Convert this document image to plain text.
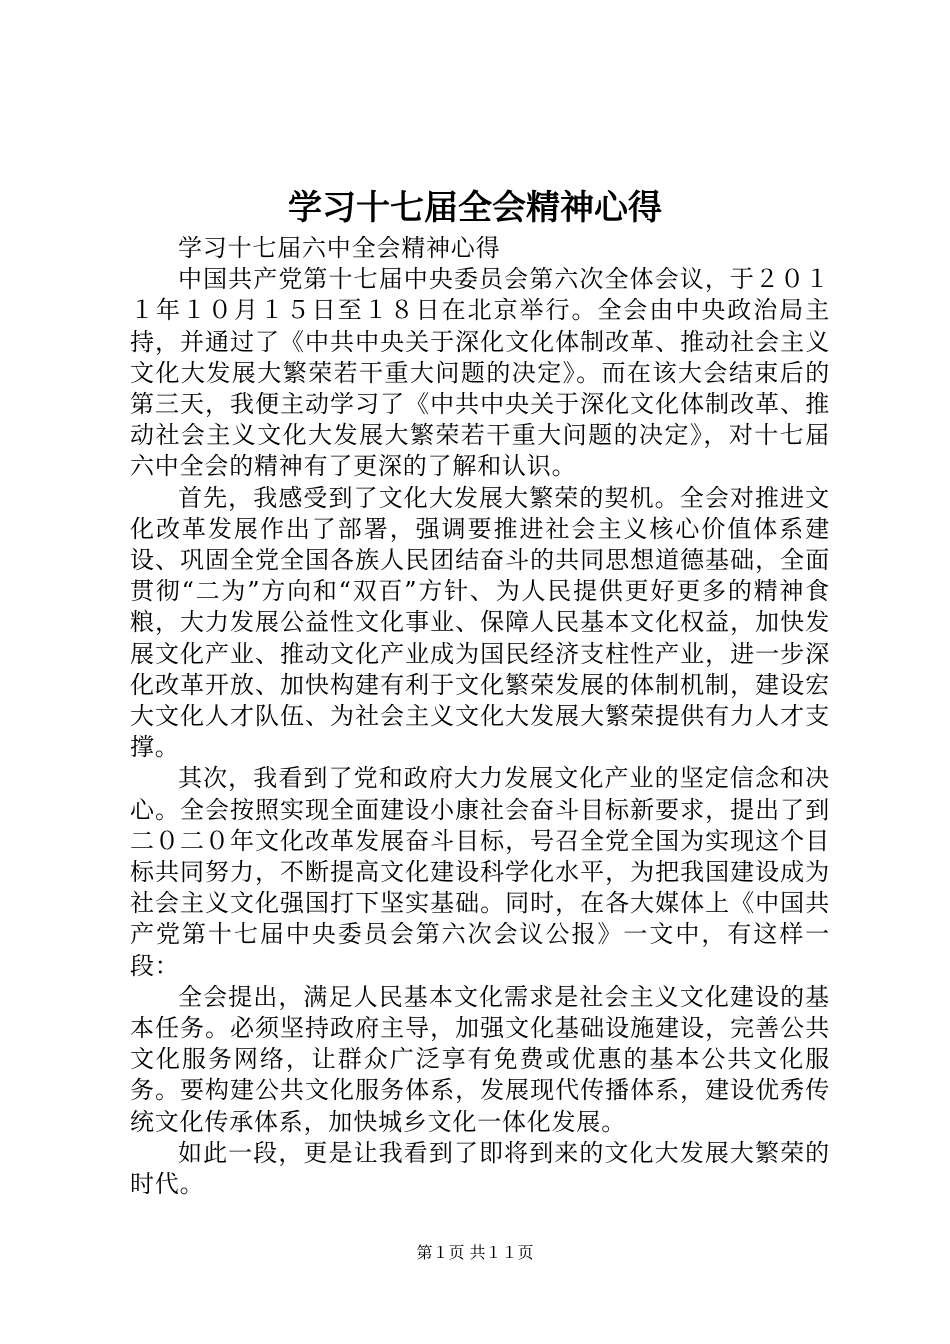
学习十七届全会精神心得

学习十七届六中全会精神心得

中国共产党第十七届中央委员会第六次全体会议，于２０１１年１０月１５日至１８日在北京举行。全会由中央政治局主持，并通过了《中共中央关于深化文化体制改革、推动社会主义文化大发展大繁荣若干重大问题的决定》。而在该大会结束后的第三天，我便主动学习了《中共中央关于深化文化体制改革、推动社会主义文化大发展大繁荣若干重大问题的决定》，对十七届六中全会的精神有了更深的了解和认识。

首先，我感受到了文化大发展大繁荣的契机。全会对推进文化改革发展作出了部署，强调要推进社会主义核心价值体系建设、巩固全党全国各族人民团结奋斗的共同思想道德基础，全面贯彻“二为”方向和“双百”方针、为人民提供更好更多的精神食粮，大力发展公益性文化事业、保障人民基本文化权益，加快发展文化产业、推动文化产业成为国民经济支柱性产业，进一步深化改革开放、加快构建有利于文化繁荣发展的体制机制，建设宏大文化人才队伍、为社会主义文化大发展大繁荣提供有力人才支撑。

其次，我看到了党和政府大力发展文化产业的坚定信念和决心。全会按照实现全面建设小康社会奋斗目标新要求，提出了到二０二０年文化改革发展奋斗目标，号召全党全国为实现这个目标共同努力，不断提高文化建设科学化水平，为把我国建设成为社会主义文化强国打下坚实基础。同时，在各大媒体上《中国共产党第十七届中央委员会第六次会议公报》一文中，有这样一段：

全会提出，满足人民基本文化需求是社会主义文化建设的基本任务。必须坚持政府主导，加强文化基础设施建设，完善公共文化服务网络，让群众广泛享有免费或优惠的基本公共文化服务。要构建公共文化服务体系，发展现代传播体系，建设优秀传统文化传承体系，加快城乡文化一体化发展。

如此一段，更是让我看到了即将到来的文化大发展大繁荣的时代。

第１页 共１１页
